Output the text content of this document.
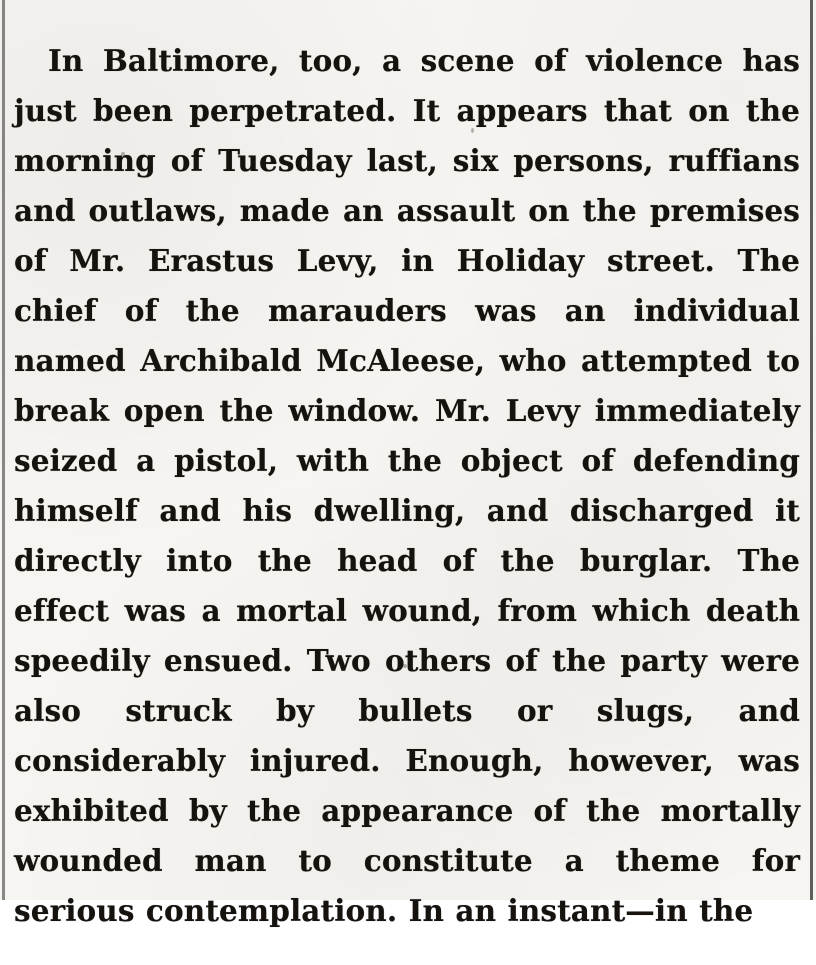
In Baltimore, too, a scene of violence has just been perpetrated. It appears that on the morning of Tuesday last, six persons, ruffians and outlaws, made an assault on the premises of Mr. Erastus Levy, in Holiday street. The chief of the marauders was an individual named Archibald McAleese, who attempted to break open the window. Mr. Levy immediately seized a pistol, with the object of defending himself and his dwelling, and discharged it directly into the head of the burglar. The effect was a mortal wound, from which death speedily ensued. Two others of the party were also struck by bullets or slugs, and considerably injured. Enough, however, was exhibited by the appearance of the mortally wounded man to constitute a theme for serious contemplation. In an instant—in the
